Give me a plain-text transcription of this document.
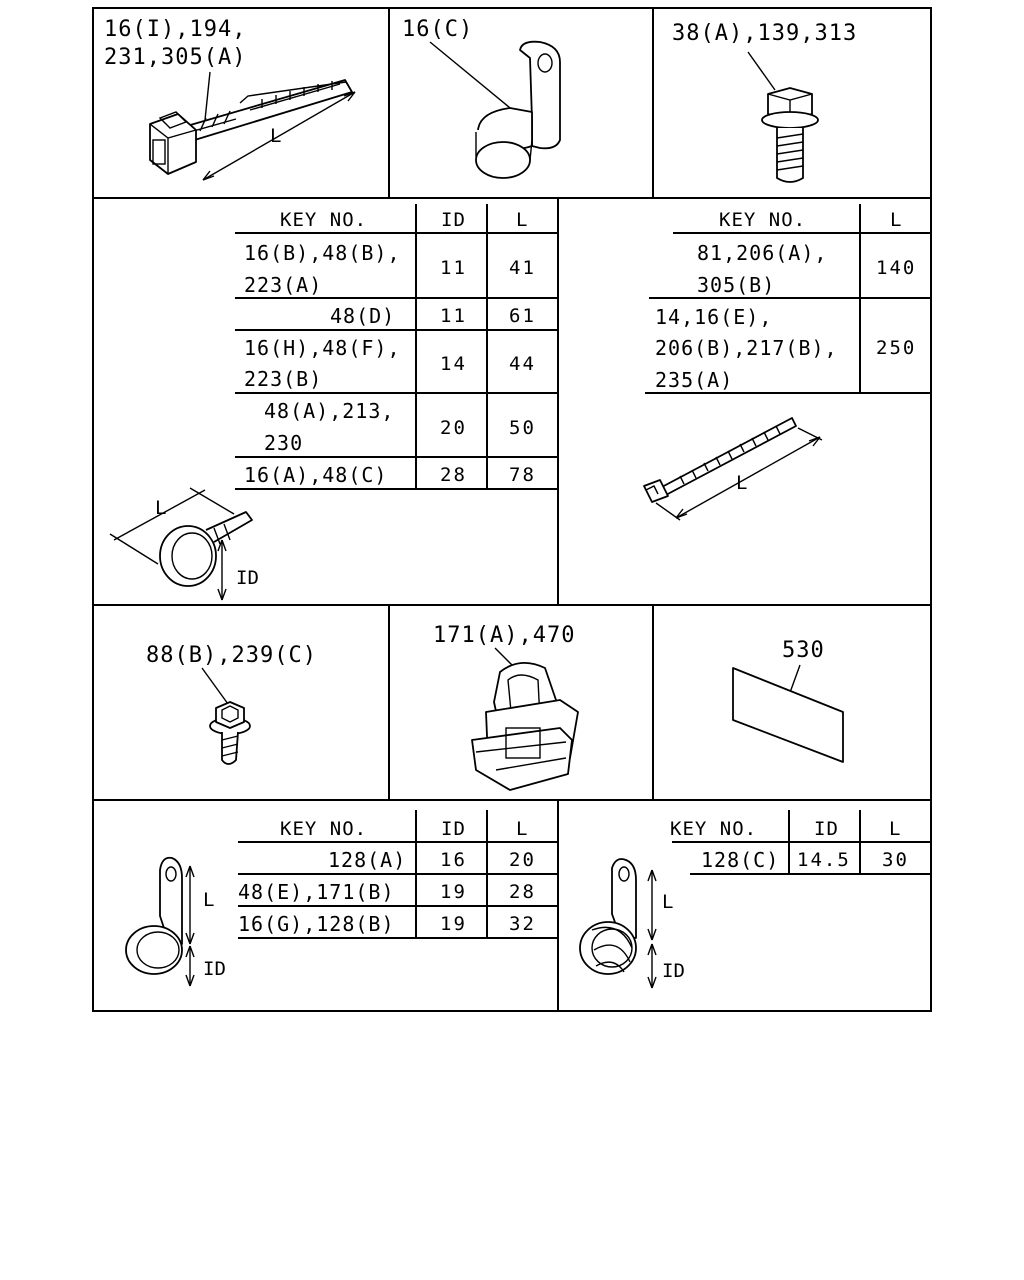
16(I),194,
231,305(A)
L
16(C)	38(A),139,313
KEY NO.	ID	L
16(B),48(B),
223(A)
11 41
48(D) 11 61
16(H),48(F),
223(B)
14 44
48(A),213,
230
20 50
16(A),48(C)	28 78
L
ID
KEY NO.	L
81,206(A),
305(B)
140
14,16(E),
206(B),217(B),
235(A)
250
L
88(B),239(C)
171(A),470
530
KEY NO.	ID	L
128(A) 16 20
48(E),171(B) 19 28
16(G),128(B) 19 32
L
ID
KEY NO.	ID	L
128(C) 14.5 30
L
ID
